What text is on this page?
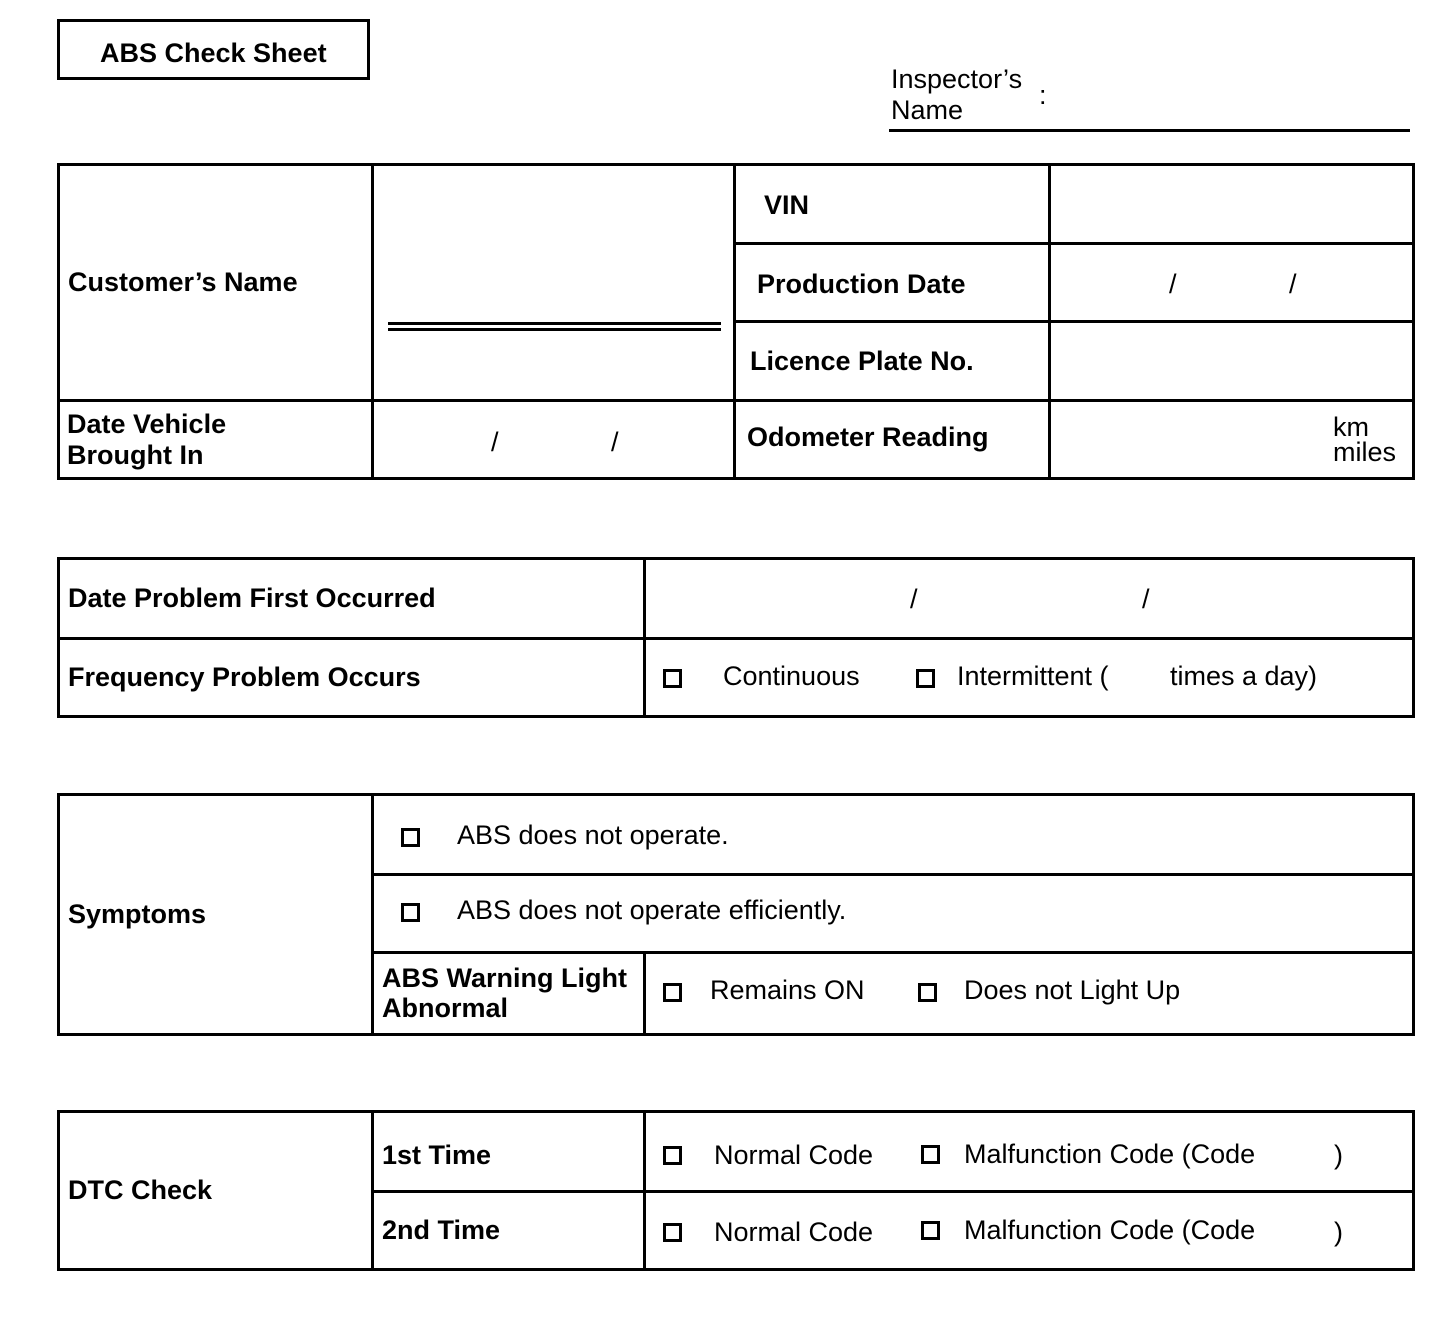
ABS Check Sheet
Inspector’s
Name	:
Customer’s Name		VIN	

		Production Date	/ /

		Licence Plate No.	

Date Vehicle
Brought In	/ /	Odometer Reading	km
miles
Date Problem First Occurred	/ /

Frequency Problem Occurs	Continuous Intermittent ( times a day)
Symptoms	ABS does not operate.	

	ABS does not operate efficiently.	

	ABS Warning Light
Abnormal	Remains ON Does not Light Up
DTC Check	1st Time	Normal Code Malfunction Code (Code )

	2nd Time	Normal Code Malfunction Code (Code )
